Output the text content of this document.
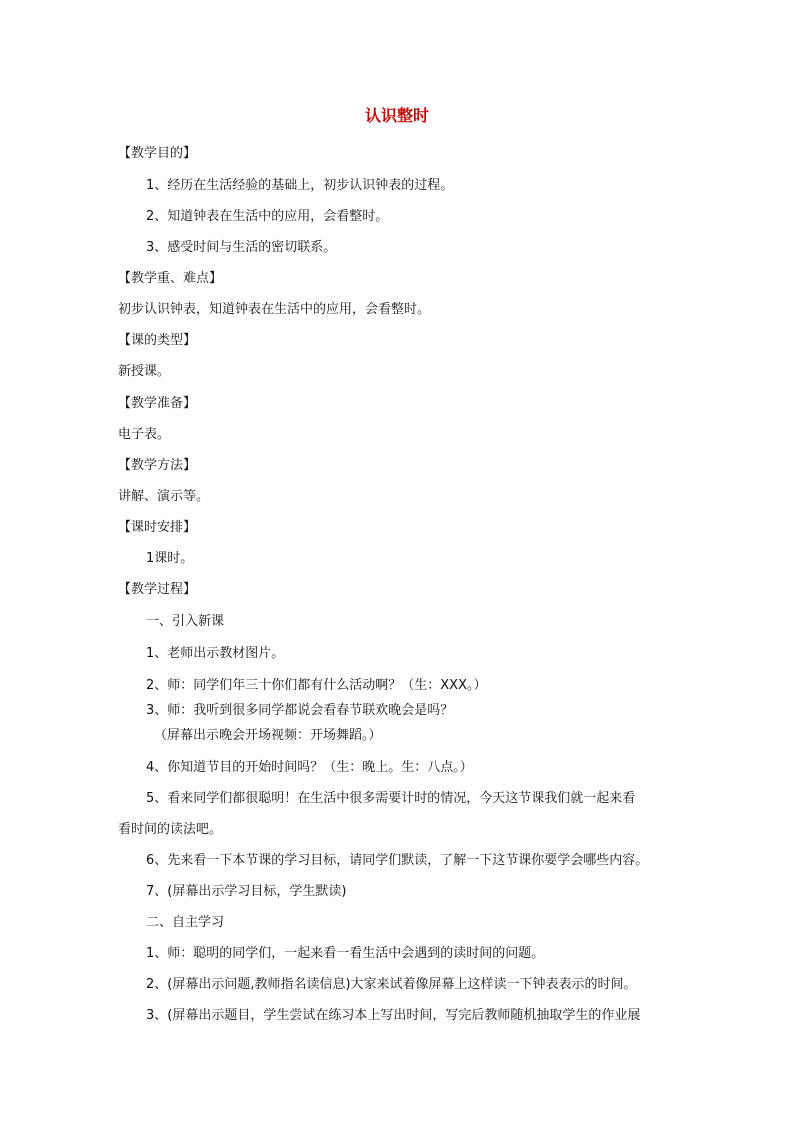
认识整时
【教学目的】
1、经历在生活经验的基础上，初步认识钟表的过程。
2、知道钟表在生活中的应用，会看整时。
3、感受时间与生活的密切联系。
【教学重、难点】
初步认识钟表，知道钟表在生活中的应用，会看整时。
【课的类型】
新授课。
【教学准备】
电子表。
【教学方法】
讲解、演示等。
【课时安排】
1课时。
【教学过程】
一、引入新课
1、老师出示教材图片。
2、师：同学们年三十你们都有什么活动啊？（生：XXX。）
3、师：我听到很多同学都说会看春节联欢晚会是吗？
（屏幕出示晚会开场视频：开场舞蹈。）
4、你知道节目的开始时间吗？（生：晚上。生：八点。）
5、看来同学们都很聪明！在生活中很多需要计时的情况，今天这节课我们就一起来看
看时间的读法吧。
6、先来看一下本节课的学习目标，请同学们默读，了解一下这节课你要学会哪些内容。
7、(屏幕出示学习目标，学生默读)
二、自主学习
1、师：聪明的同学们，一起来看一看生活中会遇到的读时间的问题。
2、(屏幕出示问题,教师指名读信息)大家来试着像屏幕上这样读一下钟表表示的时间。
3、(屏幕出示题目，学生尝试在练习本上写出时间，写完后教师随机抽取学生的作业展
